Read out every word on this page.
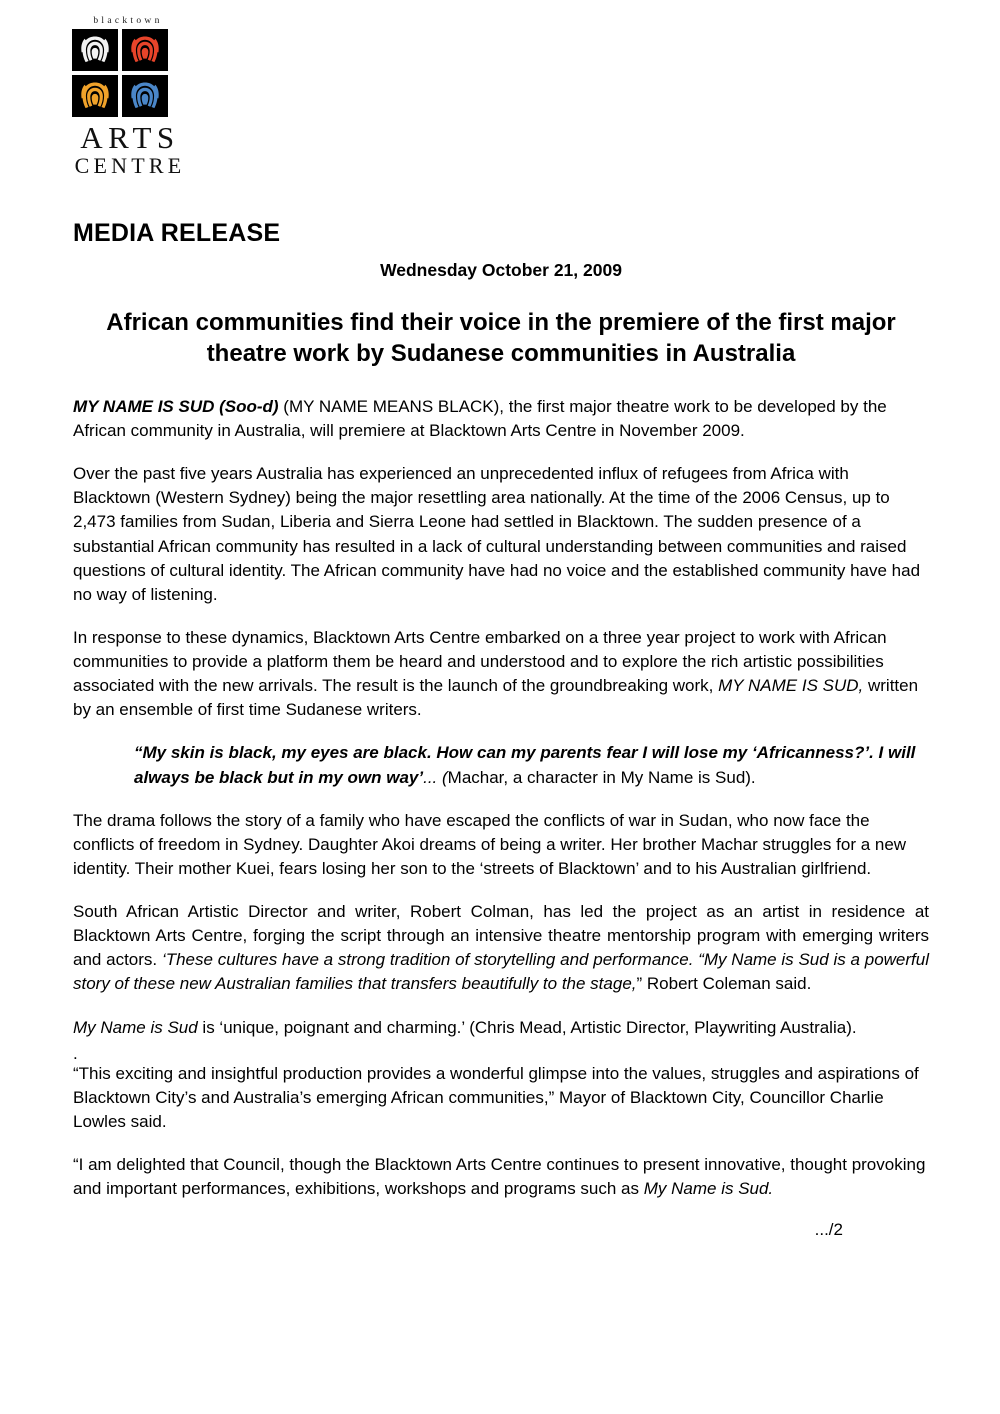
blacktown
ARTS
CENTRE
MEDIA RELEASE
Wednesday October 21, 2009
African communities find their voice in the premiere of the first major theatre work by Sudanese communities in Australia

MY NAME IS SUD (Soo-d) (MY NAME MEANS BLACK), the first major theatre work to be developed by the African community in Australia, will premiere at Blacktown Arts Centre in November 2009.

Over the past five years Australia has experienced an unprecedented influx of refugees from Africa with Blacktown (Western Sydney) being the major resettling area nationally. At the time of the 2006 Census, up to 2,473 families from Sudan, Liberia and Sierra Leone had settled in Blacktown. The sudden presence of a substantial African community has resulted in a lack of cultural understanding between communities and raised questions of cultural identity. The African community have had no voice and the established community have had no way of listening.

In response to these dynamics, Blacktown Arts Centre embarked on a three year project to work with African communities to provide a platform them be heard and understood and to explore the rich artistic possibilities associated with the new arrivals. The result is the launch of the groundbreaking work, MY NAME IS SUD, written by an ensemble of first time Sudanese writers.

“My skin is black, my eyes are black. How can my parents fear I will lose my ‘Africanness?’. I will always be black but in my own way’... (Machar, a character in My Name is Sud).

The drama follows the story of a family who have escaped the conflicts of war in Sudan, who now face the conflicts of freedom in Sydney. Daughter Akoi dreams of being a writer. Her brother Machar struggles for a new identity. Their mother Kuei, fears losing her son to the ‘streets of Blacktown’ and to his Australian girlfriend.

South African Artistic Director and writer, Robert Colman, has led the project as an artist in residence at Blacktown Arts Centre, forging the script through an intensive theatre mentorship program with emerging writers and actors. ‘These cultures have a strong tradition of storytelling and performance. “My Name is Sud is a powerful story of these new Australian families that transfers beautifully to the stage,” Robert Coleman said.

My Name is Sud is ‘unique, poignant and charming.’ (Chris Mead, Artistic Director, Playwriting Australia).

.

“This exciting and insightful production provides a wonderful glimpse into the values, struggles and aspirations of Blacktown City’s and Australia’s emerging African communities,” Mayor of Blacktown City, Councillor Charlie Lowles said.

“I am delighted that Council, though the Blacktown Arts Centre continues to present innovative, thought provoking and important performances, exhibitions, workshops and programs such as My Name is Sud.

.../2
